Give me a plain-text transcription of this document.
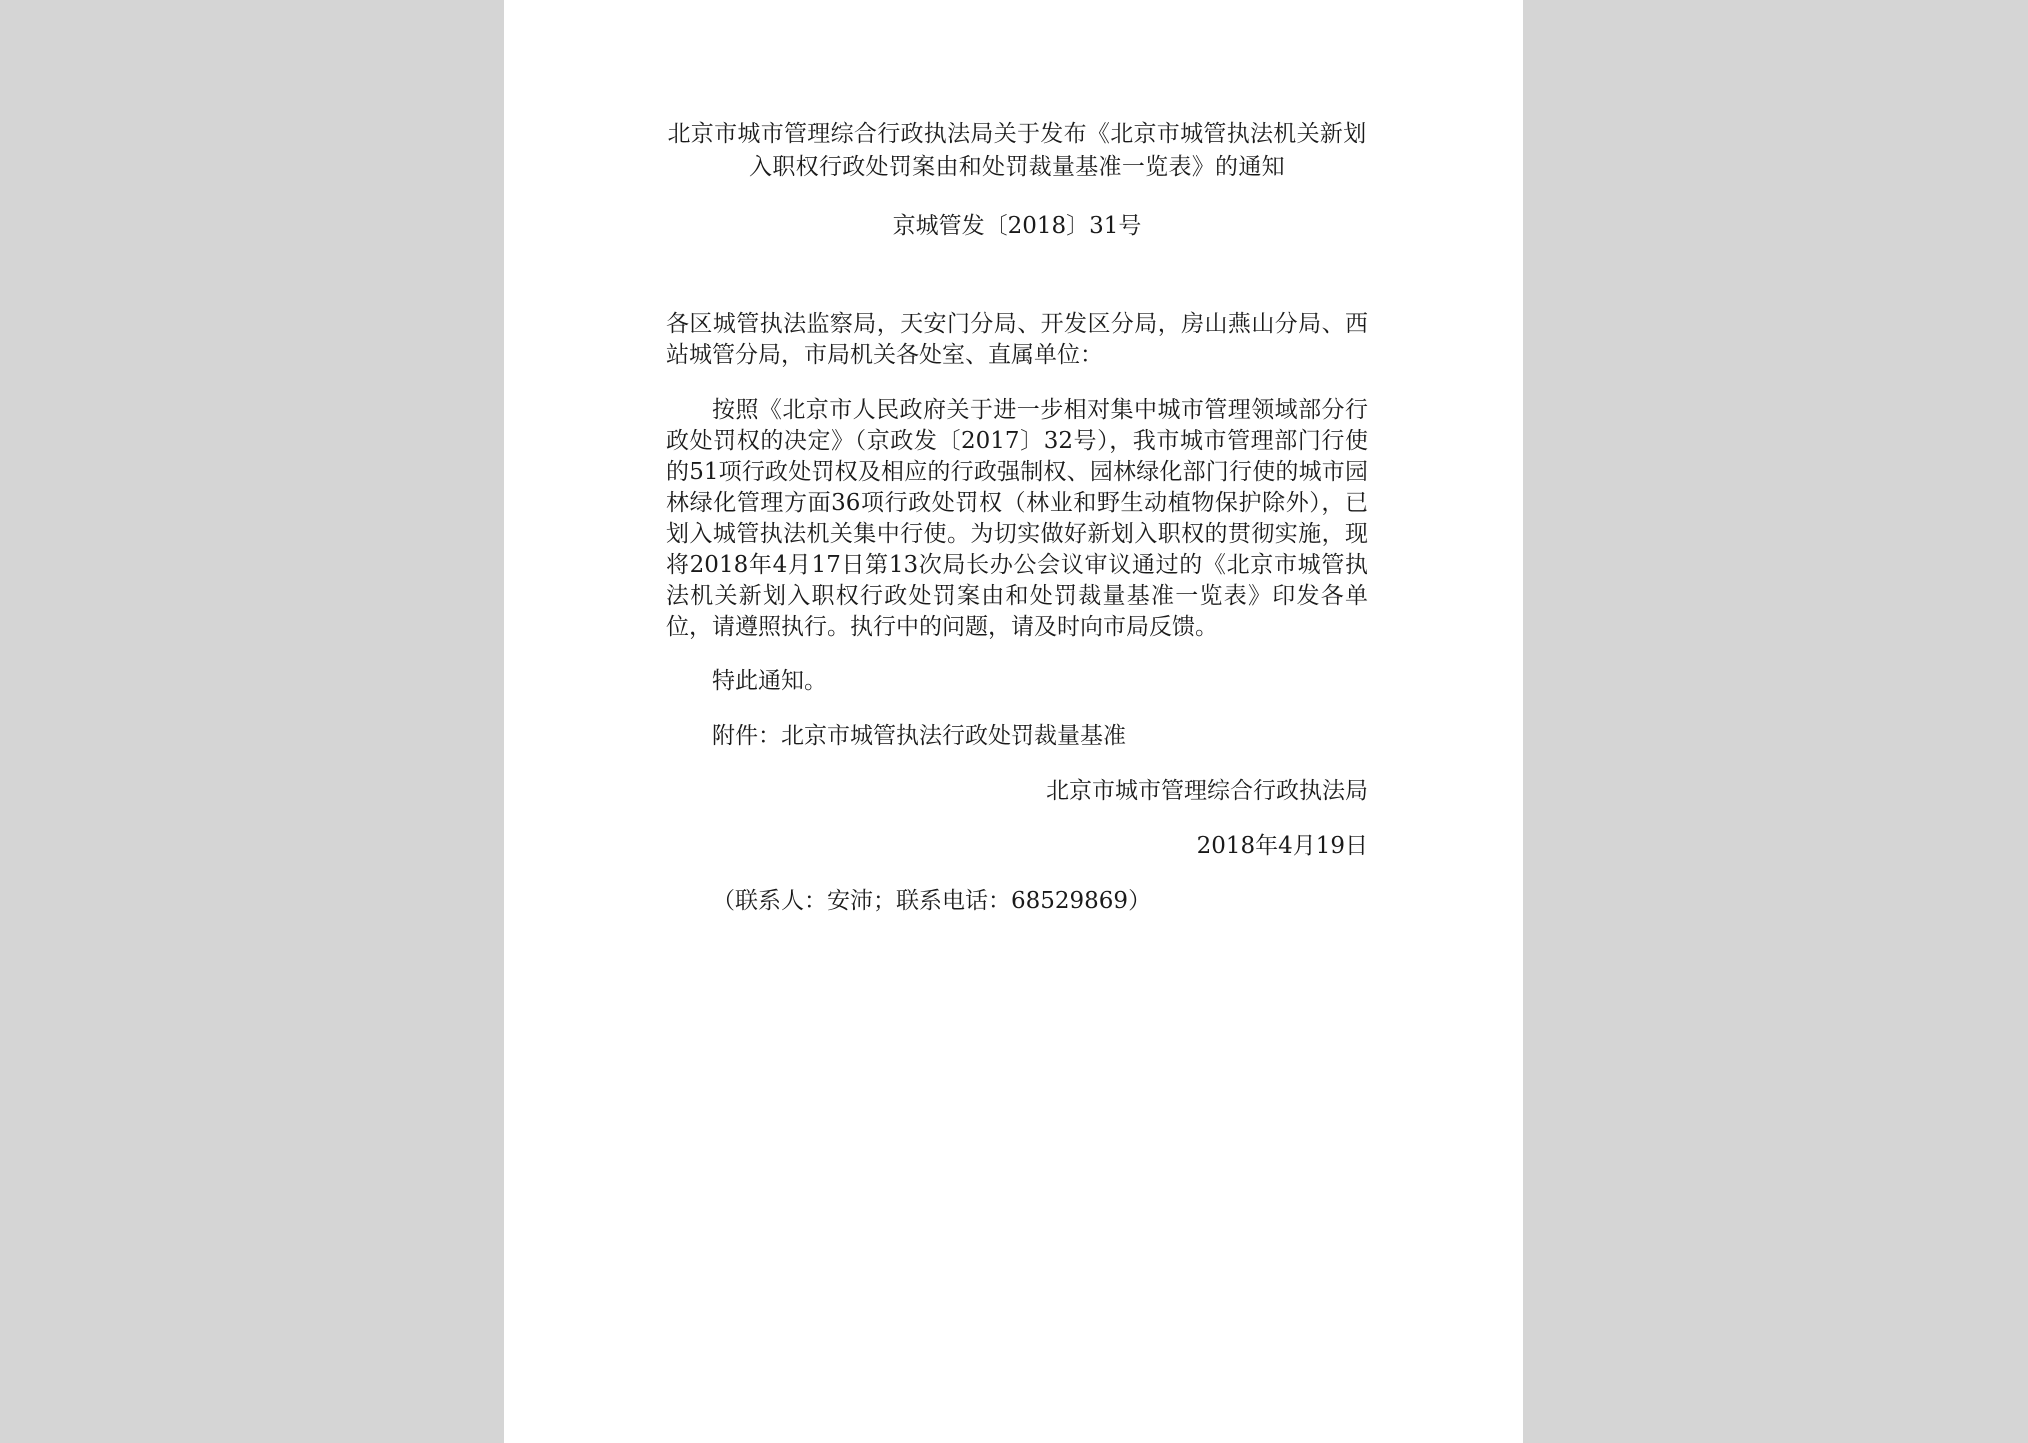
北京市城市管理综合行政执法局关于发布《北京市城管执法机关新划入职权行政处罚案由和处罚裁量基准一览表》的通知

京城管发〔2018〕31号

各区城管执法监察局，天安门分局、开发区分局，房山燕山分局、西站城管分局，市局机关各处室、直属单位：

按照《北京市人民政府关于进一步相对集中城市管理领域部分行政处罚权的决定》（京政发〔2017〕32号），我市城市管理部门行使的51项行政处罚权及相应的行政强制权、园林绿化部门行使的城市园林绿化管理方面36项行政处罚权（林业和野生动植物保护除外），已划入城管执法机关集中行使。为切实做好新划入职权的贯彻实施，现将2018年4月17日第13次局长办公会议审议通过的《北京市城管执法机关新划入职权行政处罚案由和处罚裁量基准一览表》印发各单位，请遵照执行。执行中的问题，请及时向市局反馈。

特此通知。

附件：北京市城管执法行政处罚裁量基准

北京市城市管理综合行政执法局

2018年4月19日

（联系人：安沛；联系电话：68529869）
